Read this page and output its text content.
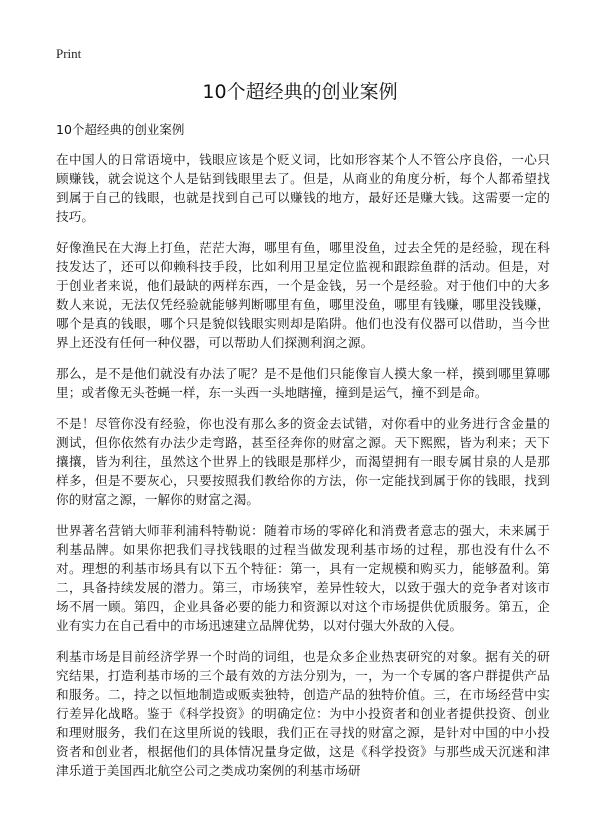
Print
10个超经典的创业案例
10个超经典的创业案例

在中国人的日常语境中，钱眼应该是个贬义词，比如形容某个人不管公序良俗，一心只顾赚钱，就会说这个人是钻到钱眼里去了。但是，从商业的角度分析，每个人都希望找到属于自己的钱眼，也就是找到自己可以赚钱的地方，最好还是赚大钱。这需要一定的技巧。

好像渔民在大海上打鱼，茫茫大海，哪里有鱼，哪里没鱼，过去全凭的是经验，现在科技发达了，还可以仰赖科技手段，比如利用卫星定位监视和跟踪鱼群的活动。但是，对于创业者来说，他们最缺的两样东西，一个是金钱，另一个是经验。对于他们中的大多数人来说，无法仅凭经验就能够判断哪里有鱼，哪里没鱼，哪里有钱赚，哪里没钱赚，哪个是真的钱眼，哪个只是貌似钱眼实则却是陷阱。他们也没有仪器可以借助，当今世界上还没有任何一种仪器，可以帮助人们探测利润之源。

那么，是不是他们就没有办法了呢？是不是他们只能像盲人摸大象一样，摸到哪里算哪里；或者像无头苍蝇一样，东一头西一头地瞎撞，撞到是运气，撞不到是命。

不是！尽管你没有经验，你也没有那么多的资金去试错，对你看中的业务进行含金量的测试，但你依然有办法少走弯路，甚至径奔你的财富之源。天下熙熙，皆为利来；天下攘攘，皆为利往，虽然这个世界上的钱眼是那样少，而渴望拥有一眼专属甘泉的人是那样多，但是不要灰心，只要按照我们教给你的方法，你一定能找到属于你的钱眼，找到你的财富之源，一解你的财富之渴。

世界著名营销大师菲利浦科特勒说：随着市场的零碎化和消费者意志的强大，未来属于利基品牌。如果你把我们寻找钱眼的过程当做发现利基市场的过程，那也没有什么不对。理想的利基市场具有以下五个特征：第一，具有一定规模和购买力，能够盈利。第二，具备持续发展的潜力。第三，市场狭窄，差异性较大，以致于强大的竞争者对该市场不屑一顾。第四，企业具备必要的能力和资源以对这个市场提供优质服务。第五，企业有实力在自己看中的市场迅速建立品牌优势，以对付强大外敌的入侵。

利基市场是目前经济学界一个时尚的词组，也是众多企业热衷研究的对象。据有关的研究结果，打造利基市场的三个最有效的方法分别为，一，为一个专属的客户群提供产品和服务。二，持之以恒地制造或贩卖独特，创造产品的独特价值。三，在市场经营中实行差异化战略。鉴于《科学投资》的明确定位：为中小投资者和创业者提供投资、创业和理财服务，我们在这里所说的钱眼，我们正在寻找的财富之源，是针对中国的中小投资者和创业者，根据他们的具体情况量身定做，这是《科学投资》与那些成天沉迷和津津乐道于美国西北航空公司之类成功案例的利基市场研
